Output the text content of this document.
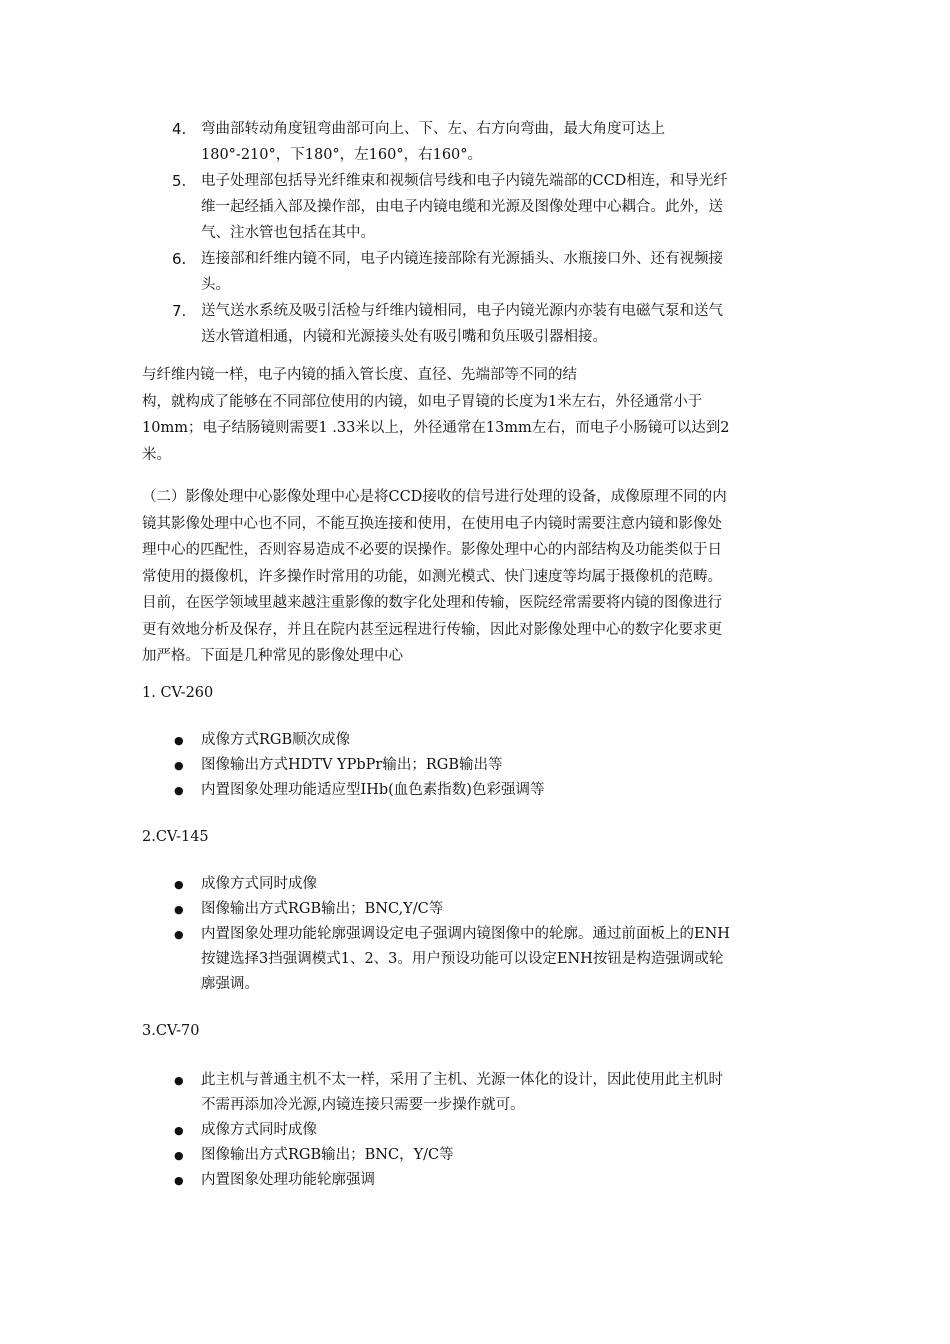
4. 弯曲部转动角度钮弯曲部可向上、下、左、右方向弯曲，最大角度可达上
180°-210°，下180°，左160°，右160°。
5. 电子处理部包括导光纤维束和视频信号线和电子内镜先端部的CCD相连，和导光纤
维一起经插入部及操作部，由电子内镜电缆和光源及图像处理中心耦合。此外，送
气、注水管也包括在其中。
6. 连接部和纤维内镜不同，电子内镜连接部除有光源插头、水瓶接口外、还有视频接
头。
7. 送气送水系统及吸引活检与纤维内镜相同，电子内镜光源内亦装有电磁气泵和送气
送水管道相通，内镜和光源接头处有吸引嘴和负压吸引器相接。

与纤维内镜一样，电子内镜的插入管长度、直径、先端部等不同的结
构，就构成了能够在不同部位使用的内镜，如电子胃镜的长度为1米左右，外径通常小于
10mm；电子结肠镜则需要1 .33米以上，外径通常在13mm左右，而电子小肠镜可以达到2
米。

（二）影像处理中心影像处理中心是将CCD接收的信号进行处理的设备，成像原理不同的内
镜其影像处理中心也不同，不能互换连接和使用，在使用电子内镜时需要注意内镜和影像处
理中心的匹配性，否则容易造成不必要的误操作。影像处理中心的内部结构及功能类似于日
常使用的摄像机，许多操作时常用的功能，如测光模式、快门速度等均属于摄像机的范畴。
目前，在医学领域里越来越注重影像的数字化处理和传输，医院经常需要将内镜的图像进行
更有效地分析及保存，并且在院内甚至远程进行传输，因此对影像处理中心的数字化要求更
加严格。下面是几种常见的影像处理中心

1. CV-260

● 成像方式RGB顺次成像
● 图像输出方式HDTV YPbPr输出；RGB输出等
● 内置图象处理功能适应型IHb(血色素指数)色彩强调等

2.CV-145

● 成像方式同时成像
● 图像输出方式RGB输出；BNC,Y/C等
● 内置图象处理功能轮廓强调设定电子强调内镜图像中的轮廓。通过前面板上的ENH
按键选择3挡强调模式1、2、3。用户预设功能可以设定ENH按钮是构造强调或轮
廓强调。

3.CV-70

● 此主机与普通主机不太一样，采用了主机、光源一体化的设计，因此使用此主机时
不需再添加冷光源,内镜连接只需要一步操作就可。
● 成像方式同时成像
● 图像输出方式RGB输出；BNC，Y/C等
● 内置图象处理功能轮廓强调
